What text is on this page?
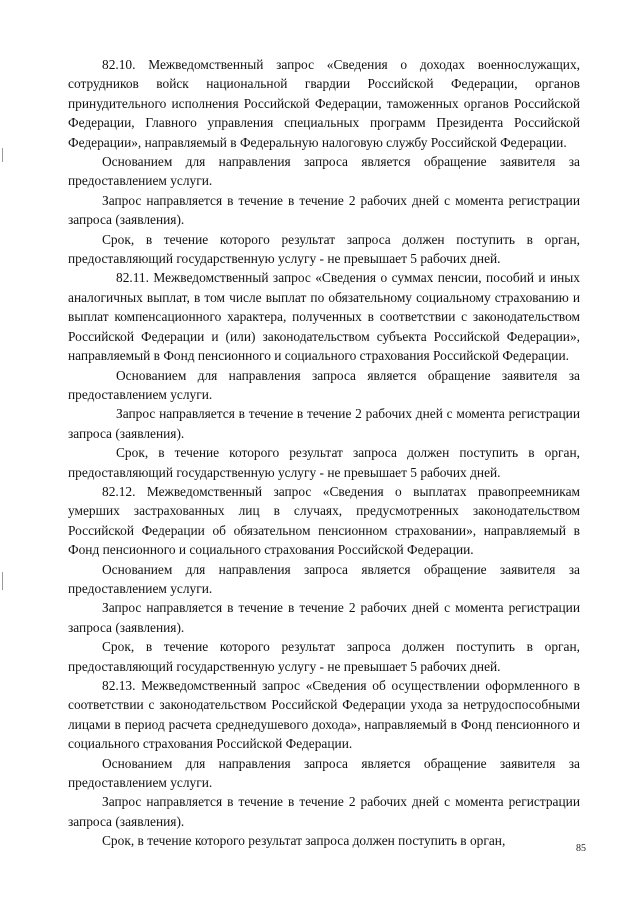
82.10. Межведомственный запрос «Сведения о доходах военнослужащих, сотрудников войск национальной гвардии Российской Федерации, органов принудительного исполнения Российской Федерации, таможенных органов Российской Федерации, Главного управления специальных программ Президента Российской Федерации», направляемый в Федеральную налоговую службу Российской Федерации.

Основанием для направления запроса является обращение заявителя за предоставлением услуги.

Запрос направляется в течение в течение 2 рабочих дней с момента регистрации запроса (заявления).

Срок, в течение которого результат запроса должен поступить в орган, предоставляющий государственную услугу - не превышает 5 рабочих дней.

82.11. Межведомственный запрос «Сведения о суммах пенсии, пособий и иных аналогичных выплат, в том числе выплат по обязательному социальному страхованию и выплат компенсационного характера, полученных в соответствии с законодательством Российской Федерации и (или) законодательством субъекта Российской Федерации», направляемый в Фонд пенсионного и социального страхования Российской Федерации.

Основанием для направления запроса является обращение заявителя за предоставлением услуги.

Запрос направляется в течение в течение 2 рабочих дней с момента регистрации запроса (заявления).

Срок, в течение которого результат запроса должен поступить в орган, предоставляющий государственную услугу - не превышает 5 рабочих дней.

82.12. Межведомственный запрос «Сведения о выплатах правопреемникам умерших застрахованных лиц в случаях, предусмотренных законодательством Российской Федерации об обязательном пенсионном страховании», направляемый в Фонд пенсионного и социального страхования Российской Федерации.

Основанием для направления запроса является обращение заявителя за предоставлением услуги.

Запрос направляется в течение в течение 2 рабочих дней с момента регистрации запроса (заявления).

Срок, в течение которого результат запроса должен поступить в орган, предоставляющий государственную услугу - не превышает 5 рабочих дней.

82.13. Межведомственный запрос «Сведения об осуществлении оформленного в соответствии с законодательством Российской Федерации ухода за нетрудоспособными лицами в период расчета среднедушевого дохода», направляемый в Фонд пенсионного и социального страхования Российской Федерации.

Основанием для направления запроса является обращение заявителя за предоставлением услуги.

Запрос направляется в течение в течение 2 рабочих дней с момента регистрации запроса (заявления).

Срок, в течение которого результат запроса должен поступить в орган,

85
